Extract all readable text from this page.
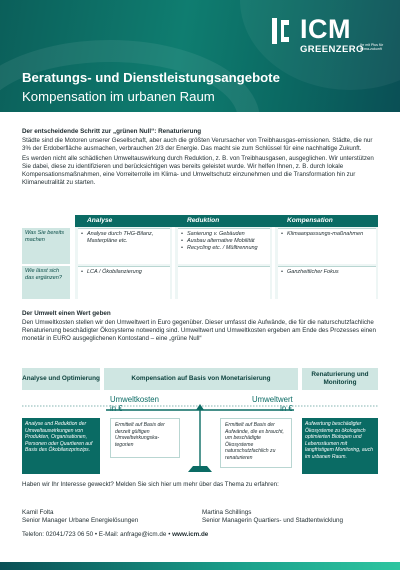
ICM
GREENZERO
Ihr mit Plus für Klima-zukunft
Beratungs- und Dienstleistungsangebote
Kompensation im urbanen Raum
Der entscheidende Schritt zur „grünen Null“: Renaturierung
Städte sind die Motoren unserer Gesellschaft, aber auch die größten Verursacher von Treibhausgas-emissionen. Städte, die nur 3% der Erdoberfläche ausmachen, verbrauchen 2/3 der Energie. Das macht sie zum Schlüssel für eine nachhaltige Zukunft.
Es werden nicht alle schädlichen Umweltauswirkung durch Reduktion, z. B. von Treibhausgasen, ausgeglichen. Wir unterstützen Sie dabei, diese zu identifizieren und berücksichtigen was bereits geleistet wurde. Wir helfen Ihnen, z. B. durch lokale Kompensationsmaßnahmen, eine Vorreiterrolle im Klima- und Umweltschutz einzunehmen und die Transformation hin zur Klimaneutralität zu starten.
Analyse	Reduktion	Kompensation
Was Sie bereits machen
• Analyse durch THG-Bilanz, Masterpläne etc.
• Sanierung v. Gebäuden
• Ausbau alternative Mobilität
• Recycling etc. / Mülltrennung
• Klimaanpassungs-maßnahmen
Wie lässt sich das ergänzen?
• LCA / Ökobilanzierung
•	Ganzheitlicher Fokus
Der Umwelt einen Wert geben
Den Umweltkosten stellen wir den Umweltwert in Euro gegenüber. Dieser umfasst die Aufwände, die für die naturschutzfachliche Renaturierung beschädigter Ökosysteme notwendig sind. Umweltwert und Umweltkosten ergeben am Ende des Prozesses einen monetär in EURO ausgeglichenen Kontostand – eine „grüne Null“
Analyse und Optimierung	Kompensation auf Basis von Monetarisierung
Renaturierung und Monitoring
Umweltkosten
in €
Umweltwert
in €
Analyse und Reduktion der Umweltauswirkungen von Produkten, Organisationen, Personen oder Quartieren auf Basis des Ökobilanzprinzips.
Ermittelt auf Basis der derzeit gültigen Umweltwirkungska-tegorien
Ermittelt auf Basis der Aufwände, die es braucht, um beschädigte Ökosysteme naturschutzfachlich zu renaturieren
Aufwertung beschädigter Ökosysteme zu ökologisch optimierten Biotopen und Lebensräumen mit langfristigem Monitoring, auch im urbanen Raum.
Haben wir Ihr Interesse geweckt? Melden Sie sich hier um mehr über das Thema zu erfahren:
Kamil Folta
Senior Manager Urbane Energielösungen
Martina Schillings
Senior Managerin Quartiers- und Stadtentwicklung
Telefon: 02041/723 06 50 • E-Mail: anfrage@icm.de • www.icm.de
